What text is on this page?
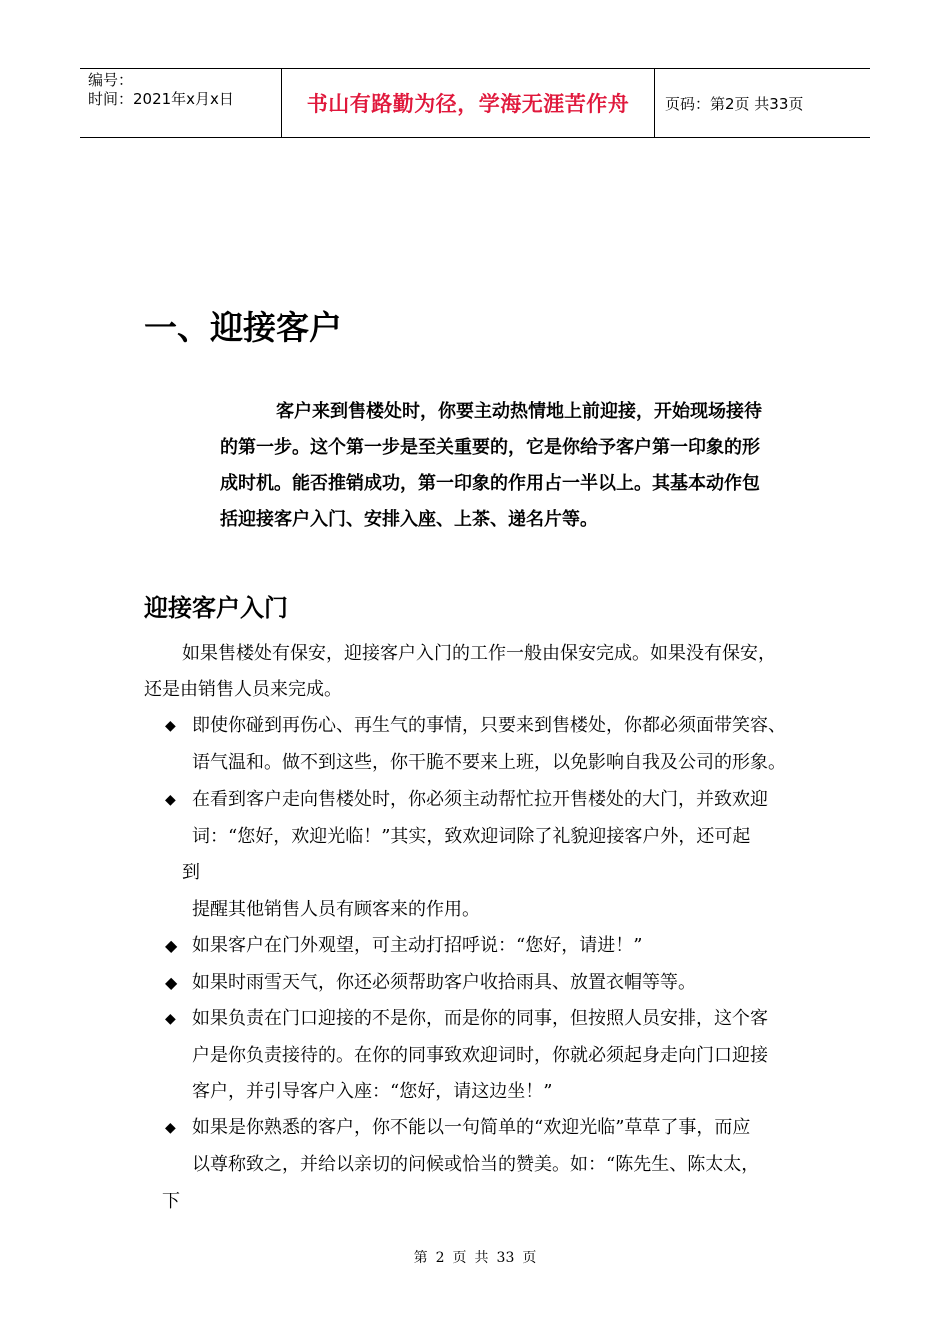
编号：
时间：2021年x月x日	书山有路勤为径，学海无涯苦作舟 页码：第2页 共33页
一、迎接客户
客户来到售楼处时，你要主动热情地上前迎接，开始现场接待
的第一步。这个第一步是至关重要的，它是你给予客户第一印象的形
成时机。能否推销成功，第一印象的作用占一半以上。其基本动作包
括迎接客户入门、安排入座、上茶、递名片等。
迎接客户入门
如果售楼处有保安，迎接客户入门的工作一般由保安完成。如果没有保安，
还是由销售人员来完成。
◆ 即使你碰到再伤心、再生气的事情，只要来到售楼处，你都必须面带笑容、
语气温和。做不到这些，你干脆不要来上班，以免影响自我及公司的形象。
◆ 在看到客户走向售楼处时，你必须主动帮忙拉开售楼处的大门，并致欢迎
词：“您好，欢迎光临！”其实，致欢迎词除了礼貌迎接客户外，还可起
到
提醒其他销售人员有顾客来的作用。
◆ 如果客户在门外观望，可主动打招呼说：“您好，请进！”
◆ 如果时雨雪天气，你还必须帮助客户收拾雨具、放置衣帽等等。
◆ 如果负责在门口迎接的不是你，而是你的同事，但按照人员安排，这个客
户是你负责接待的。在你的同事致欢迎词时，你就必须起身走向门口迎接
客户，并引导客户入座：“您好，请这边坐！”
◆ 如果是你熟悉的客户，你不能以一句简单的“欢迎光临”草草了事，而应
以尊称致之，并给以亲切的问候或恰当的赞美。如：“陈先生、陈太太，
下
第 2 页 共 33 页
